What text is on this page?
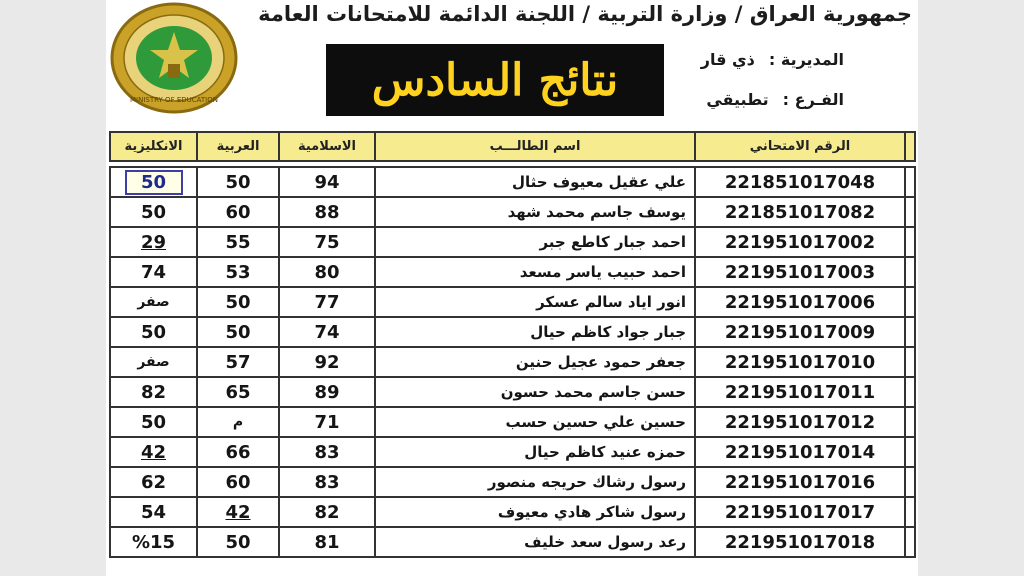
جمهورية العراق / وزارة التربية / اللجنة الدائمة للامتحانات العامة
MINISTRY OF EDUCATION	نتائج السادس	المديرية :
ذي قار
الفـرع :
تطبيقي
	الرقم الامتحاني	اسم الطالـــب	الاسلامية	العربية	الانكليزية

	221851017048	علي عقيل معيوف حثال	94	50	50
	221851017082	يوسف جاسم محمد شهد	88	60	50
	221951017002	احمد جبار كاطع جبر	75	55	29
	221951017003	احمد حبيب ياسر مسعد	80	53	74
	221951017006	انور اياد سالم عسكر	77	50	صفر
	221951017009	جبار جواد كاظم حيال	74	50	50
	221951017010	جعفر حمود عجيل حنين	92	57	صفر
	221951017011	حسن جاسم محمد حسون	89	65	82
	221951017012	حسين علي حسين حسب	71	م	50
	221951017014	حمزه عنيد كاظم حيال	83	66	42
	221951017016	رسول رشاك حريجه منصور	83	60	62
	221951017017	رسول شاكر هادي معيوف	82	42	54
	221951017018	رعد رسول سعد خليف	81	50	%15
